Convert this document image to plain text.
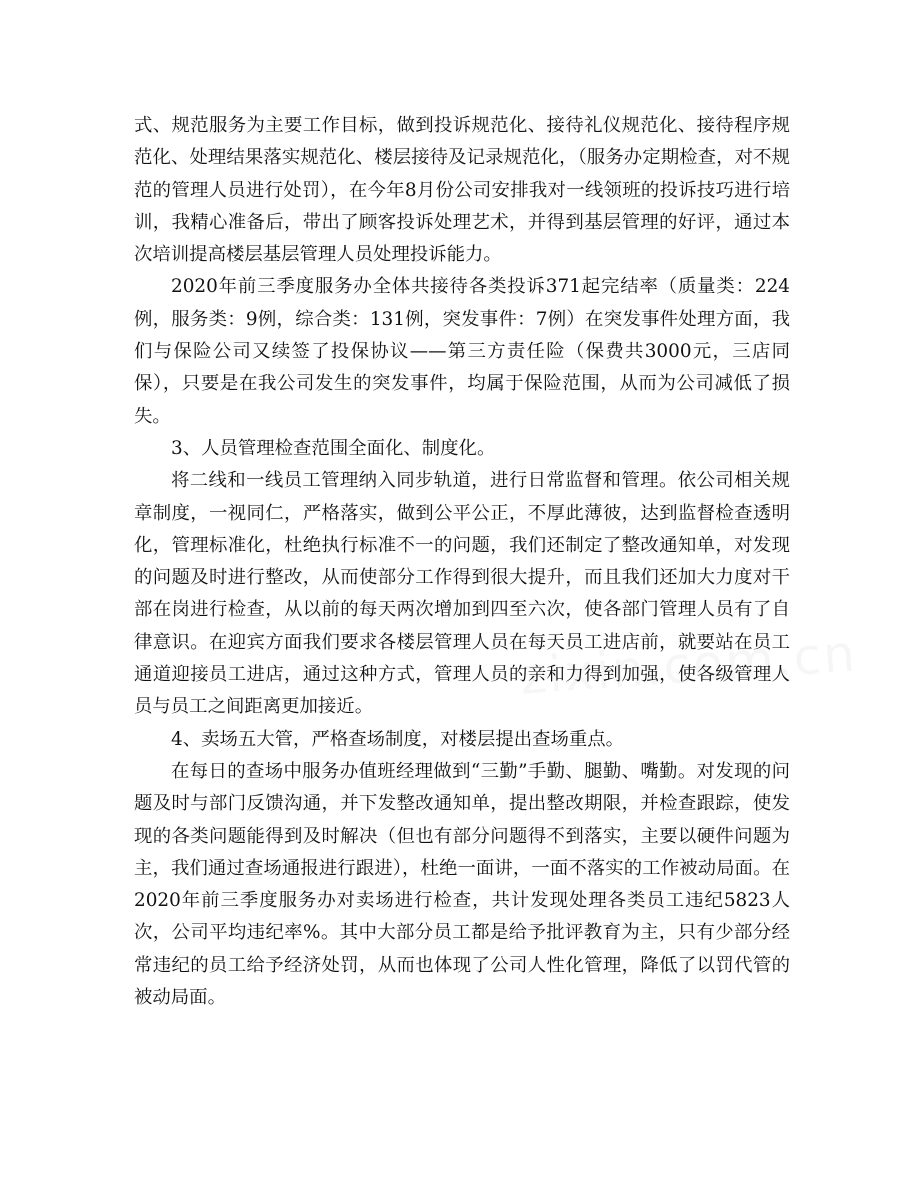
式、规范服务为主要工作目标，做到投诉规范化、接待礼仪规范化、接待程序规范化、处理结果落实规范化、楼层接待及记录规范化，（服务办定期检查，对不规范的管理人员进行处罚），在今年8月份公司安排我对一线领班的投诉技巧进行培训，我精心准备后，带出了顾客投诉处理艺术，并得到基层管理的好评，通过本次培训提高楼层基层管理人员处理投诉能力。

2020年前三季度服务办全体共接待各类投诉371起完结率（质量类：224例，服务类：9例，综合类：131例，突发事件：7例）在突发事件处理方面，我们与保险公司又续签了投保协议——第三方责任险（保费共3000元，三店同保），只要是在我公司发生的突发事件，均属于保险范围，从而为公司减低了损失。

3、人员管理检查范围全面化、制度化。

将二线和一线员工管理纳入同步轨道，进行日常监督和管理。依公司相关规章制度，一视同仁，严格落实，做到公平公正，不厚此薄彼，达到监督检查透明化，管理标准化，杜绝执行标准不一的问题，我们还制定了整改通知单，对发现的问题及时进行整改，从而使部分工作得到很大提升，而且我们还加大力度对干部在岗进行检查，从以前的每天两次增加到四至六次，使各部门管理人员有了自律意识。在迎宾方面我们要求各楼层管理人员在每天员工进店前，就要站在员工通道迎接员工进店，通过这种方式，管理人员的亲和力得到加强，使各级管理人员与员工之间距离更加接近。

4、卖场五大管，严格查场制度，对楼层提出查场重点。

在每日的查场中服务办值班经理做到“三勤”手勤、腿勤、嘴勤。对发现的问题及时与部门反馈沟通，并下发整改通知单，提出整改期限，并检查跟踪，使发现的各类问题能得到及时解决（但也有部分问题得不到落实，主要以硬件问题为主，我们通过查场通报进行跟进），杜绝一面讲，一面不落实的工作被动局面。在2020年前三季度服务办对卖场进行检查，共计发现处理各类员工违纪5823人次，公司平均违纪率%。其中大部分员工都是给予批评教育为主，只有少部分经常违纪的员工给予经济处罚，从而也体现了公司人性化管理，降低了以罚代管的被动局面。
